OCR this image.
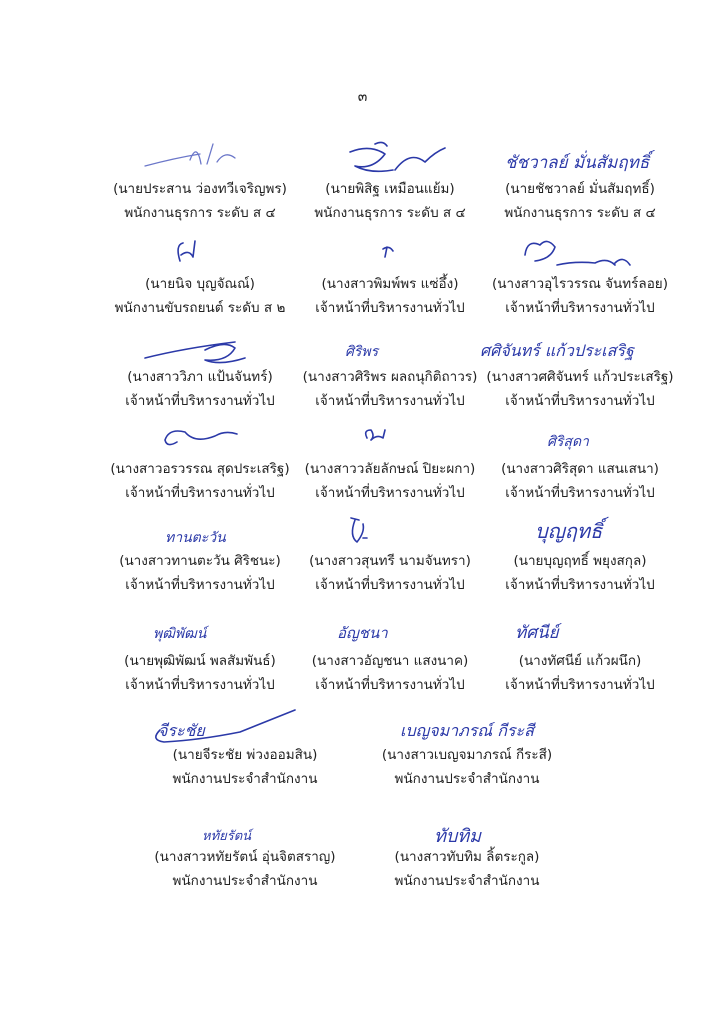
๓
(นายประสาน ว่องทวีเจริญพร)
พนักงานธุรการ ระดับ ส ๔
(นายพิสิฐ เหมือนแย้ม)
พนักงานธุรการ ระดับ ส ๔
ชัชวาลย์ มั่นสัมฤทธิ์
(นายชัชวาลย์ มั่นสัมฤทธิ์)
พนักงานธุรการ ระดับ ส ๔
(นายนิจ บุญจัณณ์)
พนักงานขับรถยนต์ ระดับ ส ๒
(นางสาวพิมพ์พร แซ่อึ้ง)
เจ้าหน้าที่บริหารงานทั่วไป
(นางสาวอุไรวรรณ จันทร์ลอย)
เจ้าหน้าที่บริหารงานทั่วไป
(นางสาววิภา แป้นจันทร์)
เจ้าหน้าที่บริหารงานทั่วไป
ศิริพร
(นางสาวศิริพร ผลถนุกิติถาวร)
เจ้าหน้าที่บริหารงานทั่วไป
ศศิจันทร์ แก้วประเสริฐ
(นางสาวศศิจันทร์ แก้วประเสริฐ)
เจ้าหน้าที่บริหารงานทั่วไป
(นางสาวอรวรรณ สุดประเสริฐ)
เจ้าหน้าที่บริหารงานทั่วไป
(นางสาววลัยลักษณ์ ปิยะผกา)
เจ้าหน้าที่บริหารงานทั่วไป
ศิริสุดา
(นางสาวศิริสุดา แสนเสนา)
เจ้าหน้าที่บริหารงานทั่วไป
ทานตะวัน
(นางสาวทานตะวัน ศิริชนะ)
เจ้าหน้าที่บริหารงานทั่วไป
(นางสาวสุนทรี นามจันทรา)
เจ้าหน้าที่บริหารงานทั่วไป
บุญฤทธิ์
(นายบุญฤทธิ์ พยุงสกุล)
เจ้าหน้าที่บริหารงานทั่วไป
พุฒิพัฒน์
(นายพุฒิพัฒน์ พลสัมพันธ์)
เจ้าหน้าที่บริหารงานทั่วไป
อัญชนา
(นางสาวอัญชนา แสงนาค)
เจ้าหน้าที่บริหารงานทั่วไป
ทัศนีย์
(นางทัศนีย์ แก้วผนึก)
เจ้าหน้าที่บริหารงานทั่วไป
จีระชัย
(นายจีระชัย พ่วงออมสิน)
พนักงานประจำสำนักงาน
เบญจมาภรณ์ กีระสี
(นางสาวเบญจมาภรณ์ กีระสี)
พนักงานประจำสำนักงาน
หทัยรัตน์
(นางสาวหทัยรัตน์ อุ่นจิตสราญ)
พนักงานประจำสำนักงาน
ทับทิม
(นางสาวทับทิม ลิ้ตระกูล)
พนักงานประจำสำนักงาน
